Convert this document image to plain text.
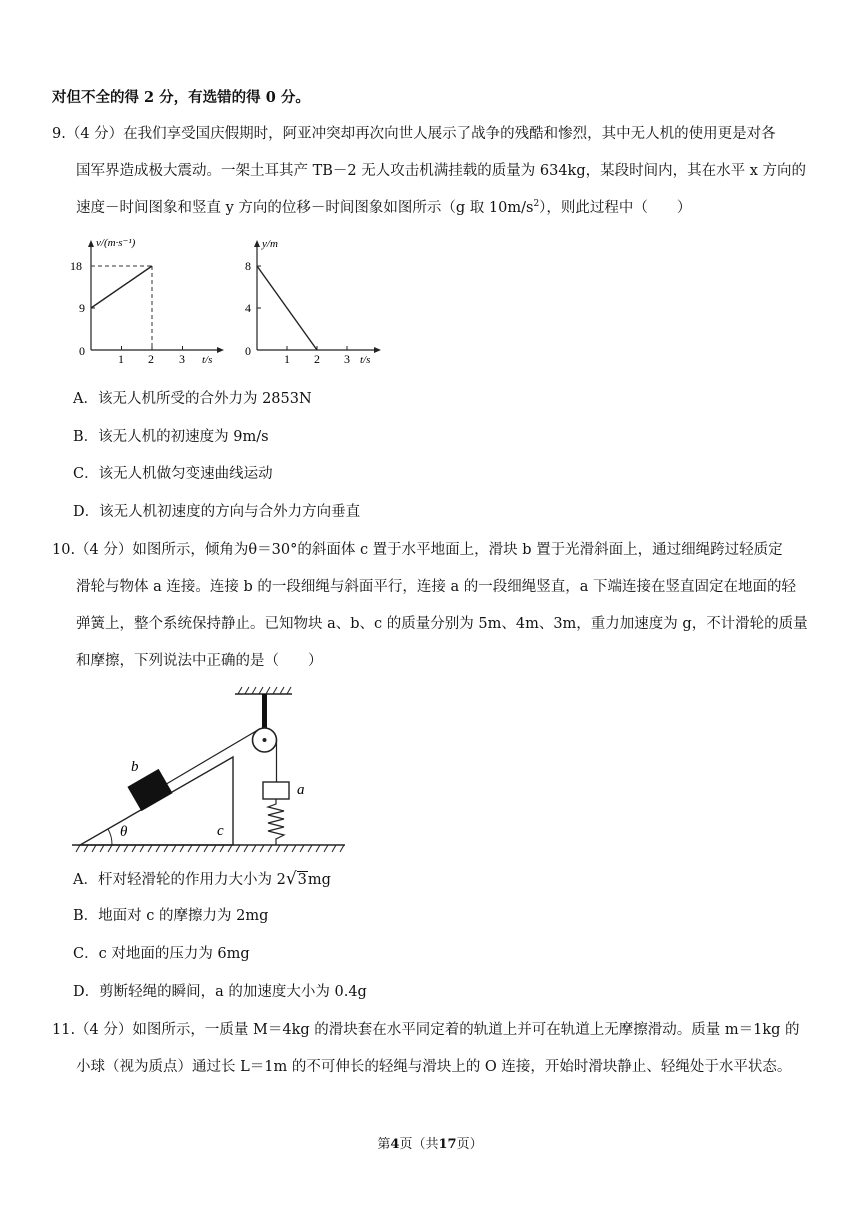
对但不全的得 2 分，有选错的得 0 分。
9.（4 分）在我们享受国庆假期时，阿亚冲突却再次向世人展示了战争的残酷和惨烈，其中无人机的使用更是对各
国军界造成极大震动。一架土耳其产 TB－2 无人攻击机满挂载的质量为 634kg，某段时间内，其在水平 x 方向的
速度－时间图象和竖直 y 方向的位移－时间图象如图所示（g 取 $10m/s^2$），则此过程中（　　）
v/(m·s⁻¹)
t/s
18
9
0
1 2 3
y/m
t/s
8
4
0
1 2 3
A．该无人机所受的合外力为 2853N
B．该无人机的初速度为 9m/s
C．该无人机做匀变速曲线运动
D．该无人机初速度的方向与合外力方向垂直
10.（4 分）如图所示，倾角为θ＝30°的斜面体 c 置于水平地面上，滑块 b 置于光滑斜面上，通过细绳跨过轻质定
滑轮与物体 a 连接。连接 b 的一段细绳与斜面平行，连接 a 的一段细绳竖直，a 下端连接在竖直固定在地面的轻
弹簧上，整个系统保持静止。已知物块 a、b、c 的质量分别为 5m、4m、3m，重力加速度为 g，不计滑轮的质量
和摩擦，下列说法中正确的是（　　）
b
a
c
θ
A．杆对轻滑轮的作用力大小为 2√3mg
B．地面对 c 的摩擦力为 2mg
C．c 对地面的压力为 6mg
D．剪断轻绳的瞬间，a 的加速度大小为 0.4g
11.（4 分）如图所示，一质量 M＝4kg 的滑块套在水平同定着的轨道上并可在轨道上无摩擦滑动。质量 m＝1kg 的
小球（视为质点）通过长 L＝1m 的不可伸长的轻绳与滑块上的 O 连接，开始时滑块静止、轻绳处于水平状态。
第4页（共17页）
